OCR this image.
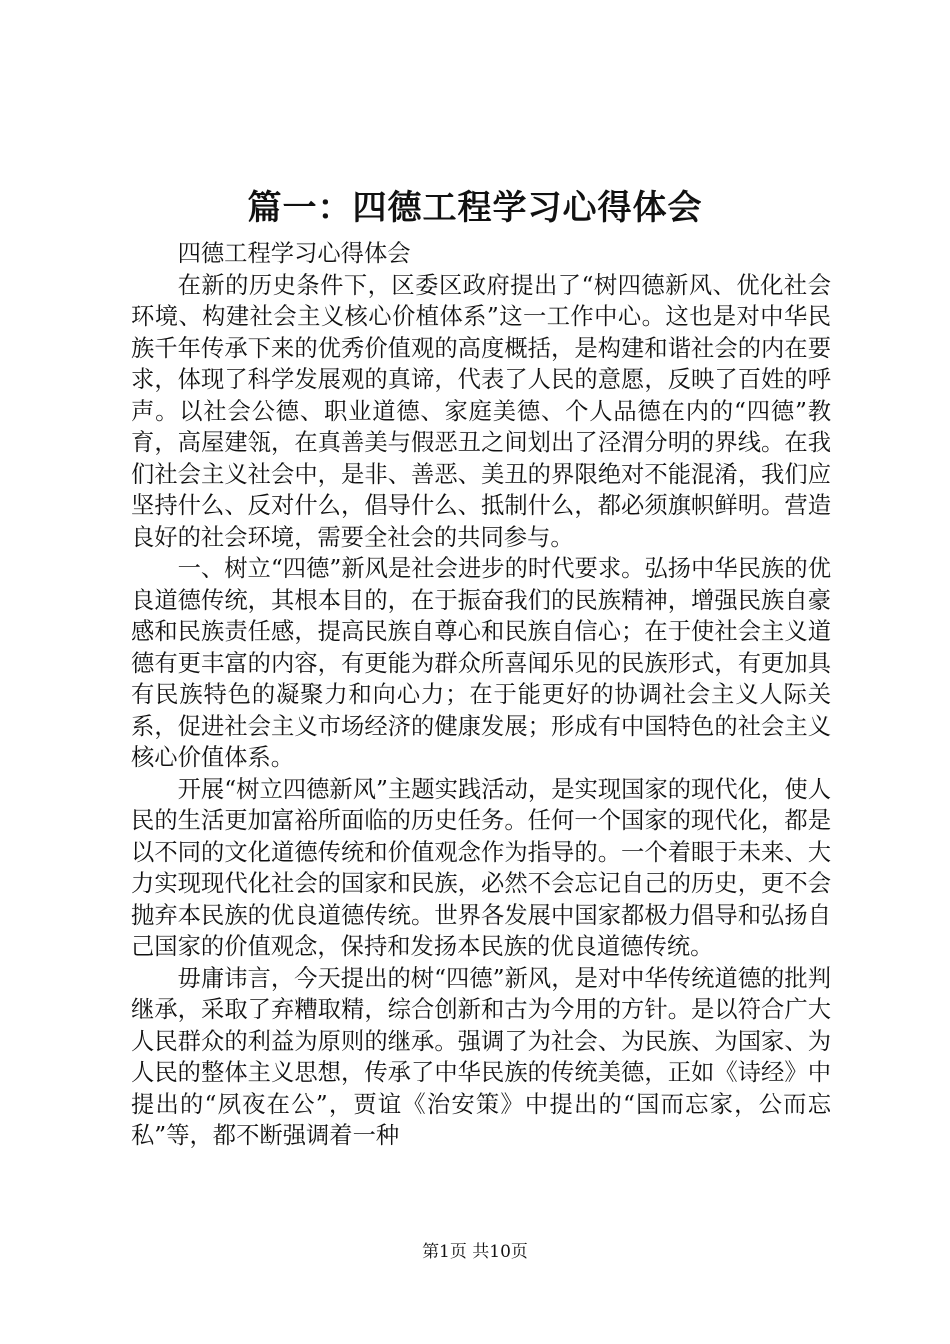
篇一：四德工程学习心得体会

四德工程学习心得体会

在新的历史条件下，区委区政府提出了“树四德新风、优化社会环境、构建社会主义核心价植体系”这一工作中心。这也是对中华民族千年传承下来的优秀价值观的高度概括，是构建和谐社会的内在要求，体现了科学发展观的真谛，代表了人民的意愿，反映了百姓的呼声。以社会公德、职业道德、家庭美德、个人品德在内的“四德”教育，高屋建瓴，在真善美与假恶丑之间划出了泾渭分明的界线。在我们社会主义社会中，是非、善恶、美丑的界限绝对不能混淆，我们应坚持什么、反对什么，倡导什么、抵制什么，都必须旗帜鲜明。营造良好的社会环境，需要全社会的共同参与。

一、树立“四德”新风是社会进步的时代要求。弘扬中华民族的优良道德传统，其根本目的，在于振奋我们的民族精神，增强民族自豪感和民族责任感，提高民族自尊心和民族自信心；在于使社会主义道德有更丰富的内容，有更能为群众所喜闻乐见的民族形式，有更加具有民族特色的凝聚力和向心力；在于能更好的协调社会主义人际关系，促进社会主义市场经济的健康发展；形成有中国特色的社会主义核心价值体系。

开展“树立四德新风”主题实践活动，是实现国家的现代化，使人民的生活更加富裕所面临的历史任务。任何一个国家的现代化，都是以不同的文化道德传统和价值观念作为指导的。一个着眼于未来、大力实现现代化社会的国家和民族，必然不会忘记自己的历史，更不会抛弃本民族的优良道德传统。世界各发展中国家都极力倡导和弘扬自己国家的价值观念，保持和发扬本民族的优良道德传统。

毋庸讳言，今天提出的树“四德”新风，是对中华传统道德的批判继承，采取了弃糟取精，综合创新和古为今用的方针。是以符合广大人民群众的利益为原则的继承。强调了为社会、为民族、为国家、为人民的整体主义思想，传承了中华民族的传统美德，正如《诗经》中提出的“夙夜在公”，贾谊《治安策》中提出的“国而忘家，公而忘私”等，都不断强调着一种

第1页 共10页
